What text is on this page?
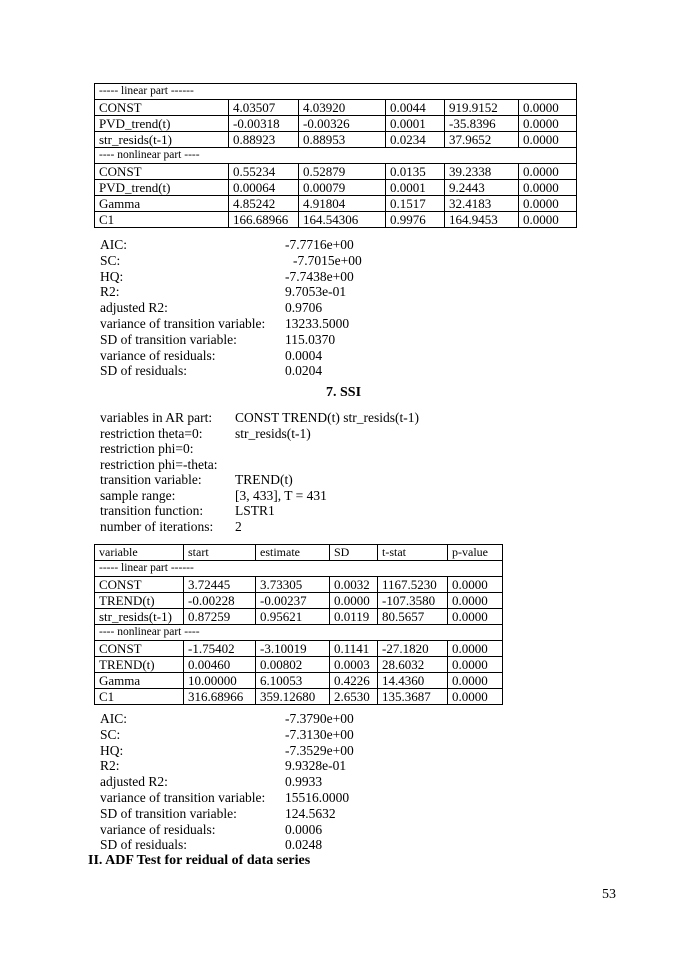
----- linear part ------					
CONST	4.03507	4.03920	0.0044	919.9152	0.0000
PVD_trend(t)	-0.00318	-0.00326	0.0001	-35.8396	0.0000
str_resids(t-1)	0.88923	0.88953	0.0234	37.9652	0.0000
---- nonlinear part ----					
CONST	0.55234	0.52879	0.0135	39.2338	0.0000
PVD_trend(t)	0.00064	0.00079	0.0001	9.2443	0.0000
Gamma	4.85242	4.91804	0.1517	32.4183	0.0000
C1	166.68966	164.54306	0.9976	164.9453	0.0000
AIC:	-7.7716e+00
SC:	-7.7015e+00
HQ:	-7.7438e+00
R2:	9.7053e-01
adjusted R2:	0.9706
variance of transition variable: 13233.5000
SD of transition variable:	115.0370
variance of residuals:	0.0004
SD of residuals:	0.0204
7. SSI
variables in AR part: CONST TREND(t) str_resids(t-1)
restriction theta=0: str_resids(t-1)
restriction phi=0:
restriction phi=-theta:
transition variable: TREND(t)
sample range:	[3, 433], T = 431
transition function: LSTR1
number of iterations: 2
variable	start	estimate	SD	t-stat	p-value
----- linear part ------					
CONST	3.72445	3.73305	0.0032	1167.5230	0.0000
TREND(t)	-0.00228	-0.00237	0.0000	-107.3580	0.0000
str_resids(t-1)	0.87259	0.95621	0.0119	80.5657	0.0000
---- nonlinear part ----					
CONST	-1.75402	-3.10019	0.1141	-27.1820	0.0000
TREND(t)	0.00460	0.00802	0.0003	28.6032	0.0000
Gamma	10.00000	6.10053	0.4226	14.4360	0.0000
C1	316.68966	359.12680	2.6530	135.3687	0.0000
AIC:	-7.3790e+00
SC:	-7.3130e+00
HQ:	-7.3529e+00
R2:	9.9328e-01
adjusted R2:	0.9933
variance of transition variable: 15516.0000
SD of transition variable:	124.5632
variance of residuals:	0.0006
SD of residuals:	0.0248
II. ADF Test for reidual of data series
53
